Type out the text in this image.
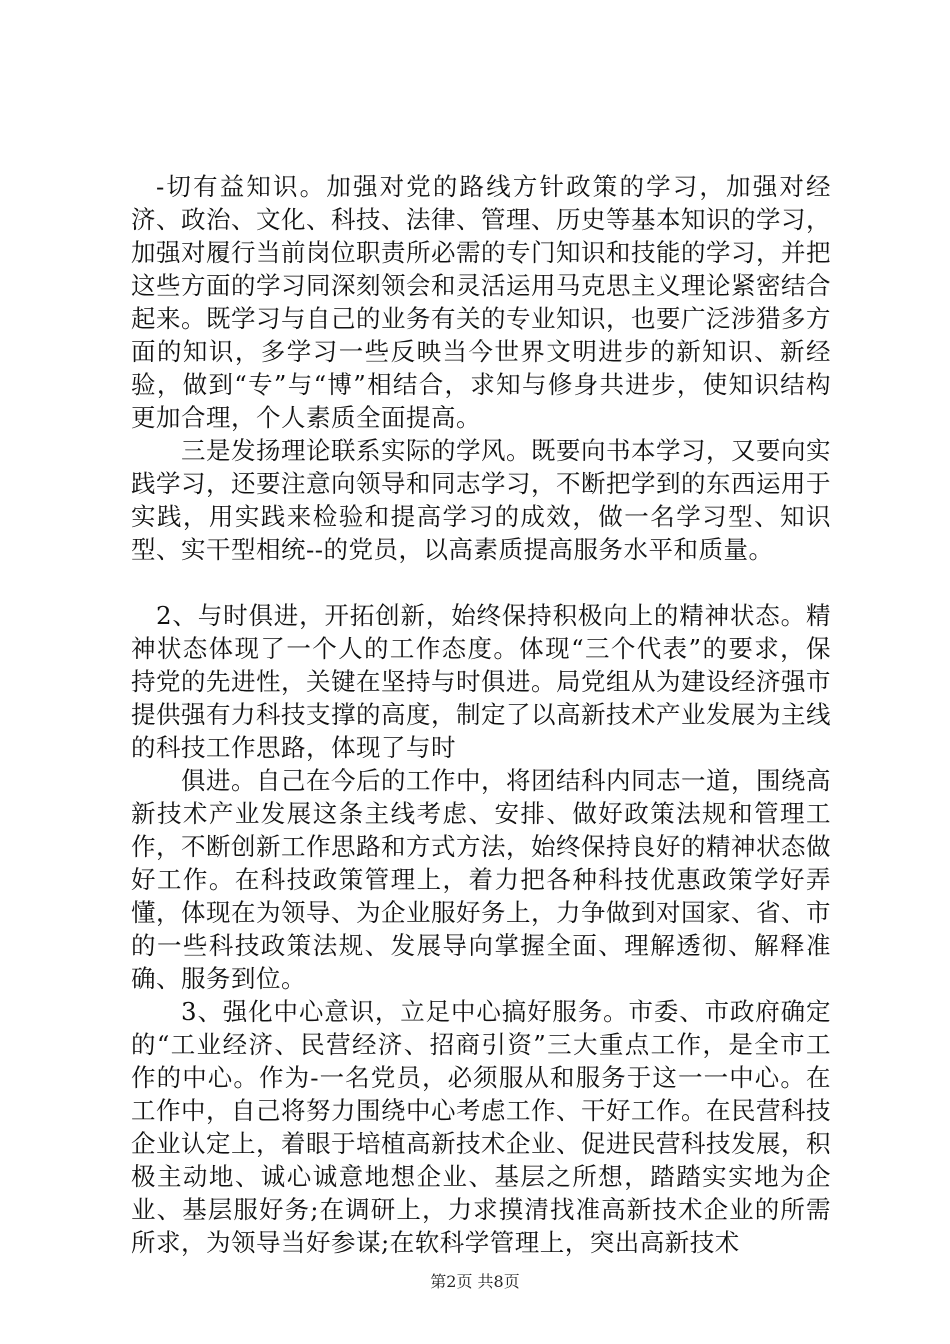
-切有益知识。加强对党的路线方针政策的学习，加强对经济、政治、文化、科技、法律、管理、历史等基本知识的学习，加强对履行当前岗位职责所必需的专门知识和技能的学习，并把这些方面的学习同深刻领会和灵活运用马克思主义理论紧密结合起来。既学习与自己的业务有关的专业知识，也要广泛涉猎多方面的知识，多学习一些反映当今世界文明进步的新知识、新经验，做到“专”与“博”相结合，求知与修身共进步，使知识结构更加合理，个人素质全面提高。

三是发扬理论联系实际的学风。既要向书本学习，又要向实践学习，还要注意向领导和同志学习，不断把学到的东西运用于实践，用实践来检验和提高学习的成效，做一名学习型、知识型、实干型相统--的党员，以高素质提高服务水平和质量。

2、与时俱进，开拓创新，始终保持积极向上的精神状态。精神状态体现了一个人的工作态度。体现“三个代表”的要求，保持党的先进性，关键在坚持与时俱进。局党组从为建设经济强市提供强有力科技支撑的高度，制定了以高新技术产业发展为主线的科技工作思路，体现了与时

俱进。自己在今后的工作中，将团结科内同志一道，围绕高新技术产业发展这条主线考虑、安排、做好政策法规和管理工作，不断创新工作思路和方式方法，始终保持良好的精神状态做好工作。在科技政策管理上，着力把各种科技优惠政策学好弄懂，体现在为领导、为企业服好务上，力争做到对国家、省、市的一些科技政策法规、发展导向掌握全面、理解透彻、解释准确、服务到位。

3、强化中心意识，立足中心搞好服务。市委、市政府确定的“工业经济、民营经济、招商引资”三大重点工作，是全市工作的中心。作为-一名党员，必须服从和服务于这一一中心。在工作中，自己将努力围绕中心考虑工作、干好工作。在民营科技企业认定上，着眼于培植高新技术企业、促进民营科技发展，积极主动地、诚心诚意地想企业、基层之所想，踏踏实实地为企业、基层服好务;在调研上，力求摸清找准高新技术企业的所需所求，为领导当好参谋;在软科学管理上，突出高新技术

第2页 共8页
